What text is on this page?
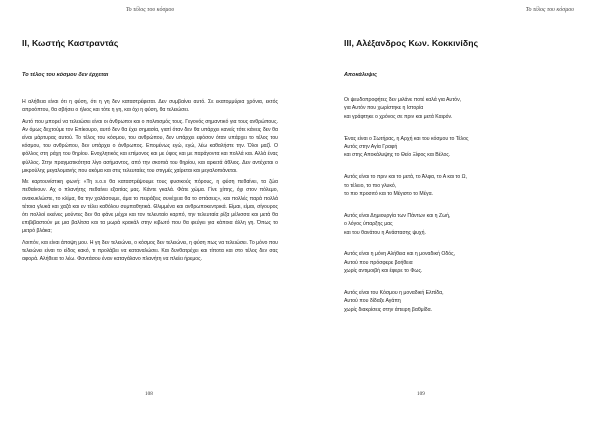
Το τέλος του κόσμου
ΙΙ, Κωστής Καστραντάς
Το τέλος του κόσμου δεν έρχεται

Η αλήθεια είναι ότι η φύση, ότι η γη δεν καταστρέφεται. Δεν συμβαίνει αυτό. Σε εκατομμύρια χρόνια, εκτός απροόπτου, θα σβήσει ο ήλιος και τότε η γη, και όχι η φύση, θα τελειώσει.

Αυτό που μπορεί να τελειώσει είναι οι άνθρωποι και ο πολιτισμός τους. Γεγονός σημαντικό για τους ανθρώπους. Αν όμως δεχτούμε τον Επίκουρο, αυτό δεν θα έχει σημασία, γιατί όταν δεν θα υπάρχει κανείς τότε κάνεις δεν θα είναι μάρτυρας αυτού. Το τέλος του κόσμου, του ανθρώπου, δεν υπάρχει εφόσον όταν υπάρχει το τέλος του κόσμου, του ανθρώπου, δεν υπάρχει ο άνθρωπος. Επομένως εγώ, εγώ, λέω καθαλήστε την. Όλοι μαζί. Ο φόλλος στη ράχη του θηρίου. Ενοχλητικός και επίμονος και με ύφος και με παράγοντα και πολλά και. Αλλά ένας φύλλος. Στην πραγματικότητα λίγο ασήμαντος, από την σκοπιά του θηρίου, και αρκετά άθλιος. Δεν αντέχεται ο μικρούλης μεγαλομανής που ακόμα και στις τελευταίες του στιγμές χαίρεται και μεγαλοπιάνεται.

Με καρτουνίστικη φωνή: «Τη s.o.s θα καταστρέψουμε τους φυσικούς πόρους, η φύση πεθαίνει, τα ζώα πεθαίνουν. Αχ ο πλανήτης πεθαίνει εξαιτίας μας. Κάντε γκαλά. Φάτε χώμα. Γίνε χίπης, όχι στον πόλεμο, ανακυκλώστε, το κλίμα, θα την χαλάσουμε, άμα το πειράξεις συνέχεια θα το σπάσεις», και πολλές παρά πολλά τέτοια γλυκά και χαζά και εν τέλει καθόλου συμπαθητικά. Θλιμμένα και ανθρωποκεντρικά. Είμαι, είμαι, σίγουρος ότι πολλοί εκείνες μούντες δεν θα φάνε μέχρι και τον τελευταίο καρπό, την τελευταία ρίζα μέλισσα και μετά θα επιβιβαστούν με μια βαλίτσα και τα μωρά κρακάλ στην κιβωτό που θα φεύγει για κάποια άλλη γη. Όπως το μετρό βλάκα;

Λοιπόν, και είναι άποψη μου. Η γη δεν τελειώνει, ο κόσμος δεν τελειώνει, η φύση πως να τελειώσει. Το μόνο που τελειώνει είναι το είδος κακό, τι προλάβει να καταναλώσει. Και δυνθατρέχει και τίποτα και στο τέλος δεν σας αφορά. Αλήθεια το λέω. Φαντάσου έναν καταγάλανο πλανήτη να πλείει ήρεμος.

108
Το τέλος του κόσμου
ΙΙΙ, Αλέξανδρος Κων. Κοκκινίδης
Αποκάλυψις
Οι ψευδοπροφήτες δεν μιλάνε ποτέ καλά για Αυτόν,
για Αυτόν που χωρίστηκε η Ιστορία
και γράφτηκε ο χρόνος σε πριν και μετά Καιρόν.
Ένας είναι ο Σωτήρας, η Αρχή και του κόσμου το Τέλος
Αυτός στην Αγία Γραφή
και στης Αποκάλυψης το Θείο Ξίφος και Βέλος.
Αυτός είναι το πριν και το μετά, το Άλφα, το Α και το Ω,
το τέλειο, το πιο γλυκό,
το πιο προσιτό και το Μέγιστο το Μέγα.
Αυτός είναι Δημιουργία των Πάντων και η Ζωή,
ο λόγος ύπαρξης μας
και του θανάτου η Ανάστασης ψυχή.
Αυτός είναι η μόνη Αλήθεια και η μοναδική Οδός,
Αυτού που πρόσφερε βοήθεια
χωρίς αντιμοιβή και έφερε το Φως.
Αυτός είναι του Κόσμου η μοναδική Ελπίδα,
Αυτού που δίδαξε Αγάπη
χωρίς διακρίσεις στην άπειρη βαθμίδα.
109
